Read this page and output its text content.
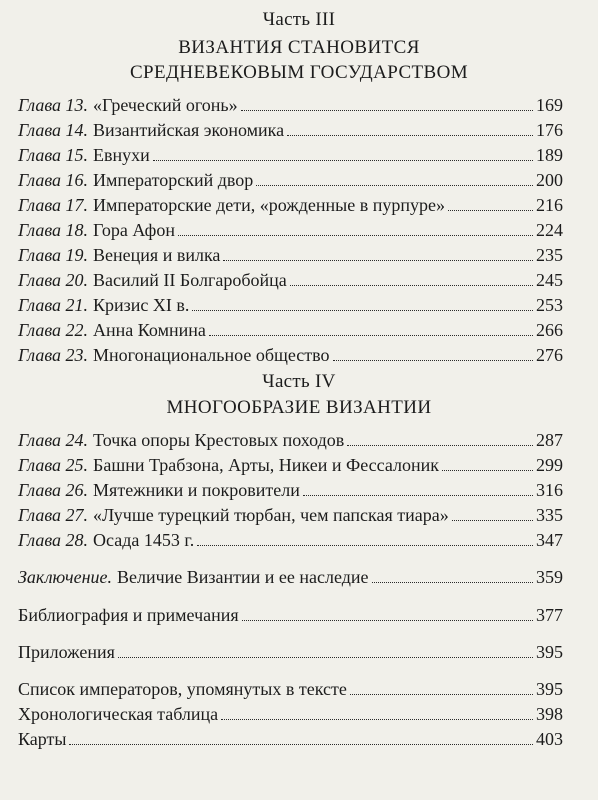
Часть III
ВИЗАНТИЯ СТАНОВИТСЯ
СРЕДНЕВЕКОВЫМ ГОСУДАРСТВОМ
Глава 13. «Греческий огонь»	169
Глава 14. Византийская экономика	176
Глава 15. Евнухи	189
Глава 16. Императорский двор	200
Глава 17. Императорские дети, «рожденные в пурпуре»	216
Глава 18. Гора Афон	224
Глава 19. Венеция и вилка	235
Глава 20. Василий II Болгаробойца	245
Глава 21. Кризис XI в.	253
Глава 22. Анна Комнина	266
Глава 23. Многонациональное общество	276
Часть IV
МНОГООБРАЗИЕ ВИЗАНТИИ
Глава 24. Точка опоры Крестовых походов	287
Глава 25. Башни Трабзона, Арты, Никеи и Фессалоник	299
Глава 26. Мятежники и покровители	316
Глава 27. «Лучше турецкий тюрбан, чем папская тиара»	335
Глава 28. Осада 1453 г.	347
Заключение. Величие Византии и ее наследие	359
Библиография и примечания	377
Приложения	395
Список императоров, упомянутых в тексте	395
Хронологическая таблица	398
Карты	403
